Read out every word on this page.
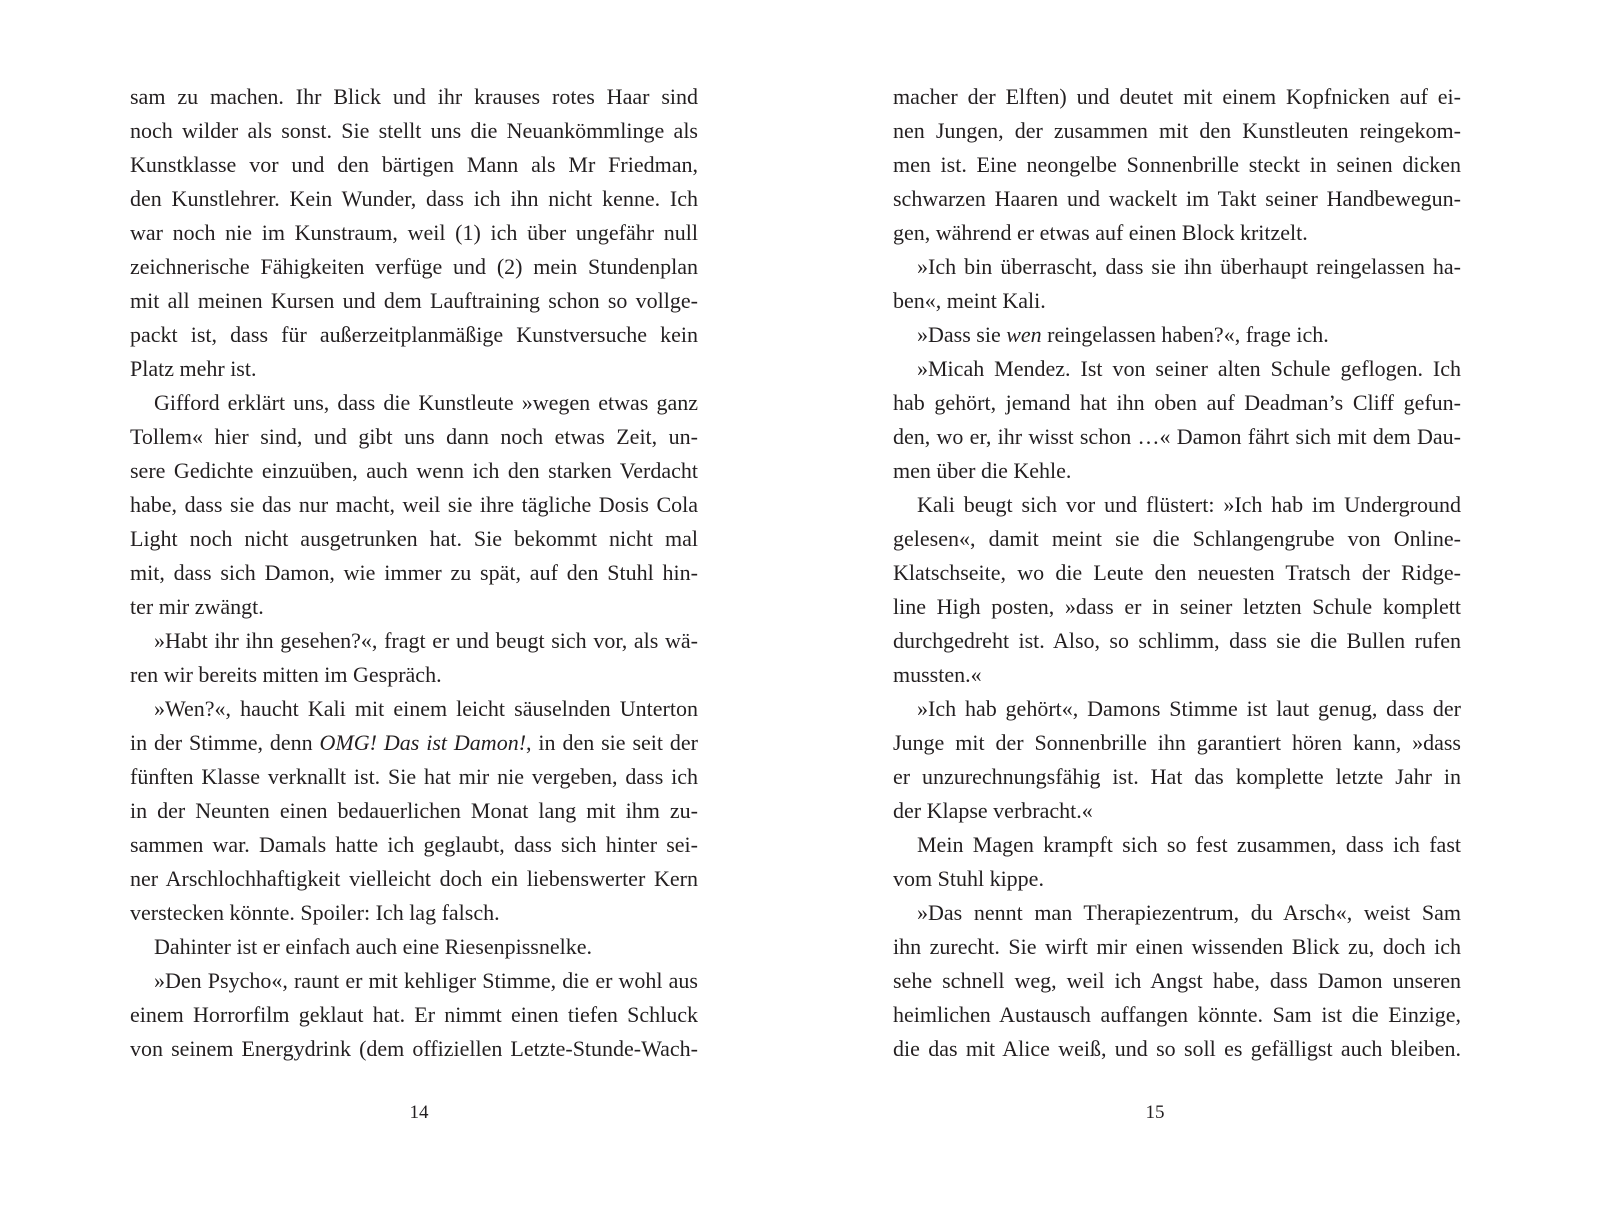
sam zu machen. Ihr Blick und ihr krauses rotes Haar sind
noch wilder als sonst. Sie stellt uns die Neuankömmlinge als
Kunstklasse vor und den bärtigen Mann als Mr Friedman,
den Kunstlehrer. Kein Wunder, dass ich ihn nicht kenne. Ich
war noch nie im Kunstraum, weil (1) ich über ungefähr null
zeichnerische Fähigkeiten verfüge und (2) mein Stundenplan
mit all meinen Kursen und dem Lauftraining schon so vollge-
packt ist, dass für außerzeitplanmäßige Kunstversuche kein
Platz mehr ist.
Gifford erklärt uns, dass die Kunstleute »wegen etwas ganz
Tollem« hier sind, und gibt uns dann noch etwas Zeit, un-
sere Gedichte einzuüben, auch wenn ich den starken Verdacht
habe, dass sie das nur macht, weil sie ihre tägliche Dosis Cola
Light noch nicht ausgetrunken hat. Sie bekommt nicht mal
mit, dass sich Damon, wie immer zu spät, auf den Stuhl hin-
ter mir zwängt.
»Habt ihr ihn gesehen?«, fragt er und beugt sich vor, als wä-
ren wir bereits mitten im Gespräch.
»Wen?«, haucht Kali mit einem leicht säuselnden Unterton
in der Stimme, denn OMG! Das ist Damon!, in den sie seit der
fünften Klasse verknallt ist. Sie hat mir nie vergeben, dass ich
in der Neunten einen bedauerlichen Monat lang mit ihm zu-
sammen war. Damals hatte ich geglaubt, dass sich hinter sei-
ner Arschlochhaftigkeit vielleicht doch ein liebenswerter Kern
verstecken könnte. Spoiler: Ich lag falsch.
Dahinter ist er einfach auch eine Riesenpissnelke.
»Den Psycho«, raunt er mit kehliger Stimme, die er wohl aus
einem Horrorfilm geklaut hat. Er nimmt einen tiefen Schluck
von seinem Energydrink (dem offiziellen Letzte-Stunde-Wach-
14
macher der Elften) und deutet mit einem Kopfnicken auf ei-
nen Jungen, der zusammen mit den Kunstleuten reingekom-
men ist. Eine neongelbe Sonnenbrille steckt in seinen dicken
schwarzen Haaren und wackelt im Takt seiner Handbewegun-
gen, während er etwas auf einen Block kritzelt.
»Ich bin überrascht, dass sie ihn überhaupt reingelassen ha-
ben«, meint Kali.
»Dass sie wen reingelassen haben?«, frage ich.
»Micah Mendez. Ist von seiner alten Schule geflogen. Ich
hab gehört, jemand hat ihn oben auf Deadman’s Cliff gefun-
den, wo er, ihr wisst schon …« Damon fährt sich mit dem Dau-
men über die Kehle.
Kali beugt sich vor und flüstert: »Ich hab im Underground
gelesen«, damit meint sie die Schlangengrube von Online-
Klatschseite, wo die Leute den neuesten Tratsch der Ridge-
line High posten, »dass er in seiner letzten Schule komplett
durchgedreht ist. Also, so schlimm, dass sie die Bullen rufen
mussten.«
»Ich hab gehört«, Damons Stimme ist laut genug, dass der
Junge mit der Sonnenbrille ihn garantiert hören kann, »dass
er unzurechnungsfähig ist. Hat das komplette letzte Jahr in
der Klapse verbracht.«
Mein Magen krampft sich so fest zusammen, dass ich fast
vom Stuhl kippe.
»Das nennt man Therapiezentrum, du Arsch«, weist Sam
ihn zurecht. Sie wirft mir einen wissenden Blick zu, doch ich
sehe schnell weg, weil ich Angst habe, dass Damon unseren
heimlichen Austausch auffangen könnte. Sam ist die Einzige,
die das mit Alice weiß, und so soll es gefälligst auch bleiben.
15
